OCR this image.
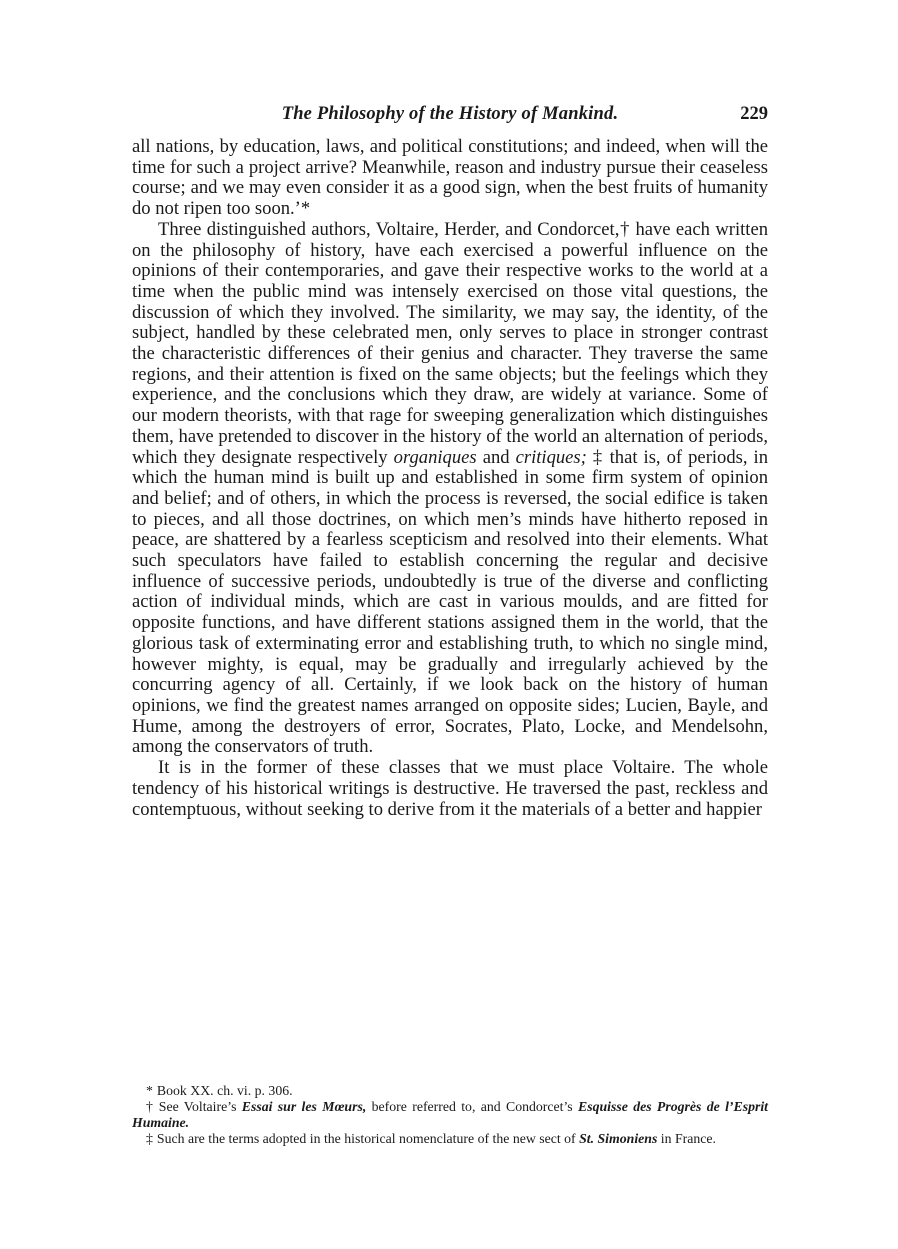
The Philosophy of the History of Mankind.	229

all nations, by education, laws, and political constitutions; and indeed, when will the time for such a project arrive? Meanwhile, reason and industry pursue their ceaseless course; and we may even consider it as a good sign, when the best fruits of humanity do not ripen too soon.’*

Three distinguished authors, Voltaire, Herder, and Condorcet,† have each written on the philosophy of history, have each exercised a powerful influence on the opinions of their contemporaries, and gave their respective works to the world at a time when the public mind was intensely exercised on those vital questions, the discussion of which they involved. The similarity, we may say, the identity, of the subject, handled by these celebrated men, only serves to place in stronger contrast the characteristic differences of their genius and character. They traverse the same regions, and their attention is fixed on the same objects; but the feelings which they experience, and the conclusions which they draw, are widely at variance. Some of our modern theorists, with that rage for sweeping generalization which distinguishes them, have pretended to discover in the history of the world an alternation of periods, which they designate respectively organiques and critiques; ‡ that is, of periods, in which the human mind is built up and established in some firm system of opinion and belief; and of others, in which the process is reversed, the social edifice is taken to pieces, and all those doctrines, on which men’s minds have hitherto reposed in peace, are shattered by a fearless scepticism and resolved into their elements. What such speculators have failed to establish concerning the regular and decisive influence of successive periods, undoubtedly is true of the diverse and conflicting action of individual minds, which are cast in various moulds, and are fitted for opposite functions, and have different stations assigned them in the world, that the glorious task of exterminating error and establishing truth, to which no single mind, however mighty, is equal, may be gradually and irregularly achieved by the concurring agency of all. Certainly, if we look back on the history of human opinions, we find the greatest names arranged on opposite sides; Lucien, Bayle, and Hume, among the destroyers of error, Socrates, Plato, Locke, and Mendelsohn, among the conservators of truth.

It is in the former of these classes that we must place Voltaire. The whole tendency of his historical writings is destructive. He traversed the past, reckless and contemptuous, without seeking to derive from it the materials of a better and happier

* Book XX. ch. vi. p. 306.

† See Voltaire’s Essai sur les Mœurs, before referred to, and Condorcet’s Esquisse des Progrès de l’Esprit Humaine.

‡ Such are the terms adopted in the historical nomenclature of the new sect of St. Simoniens in France.
